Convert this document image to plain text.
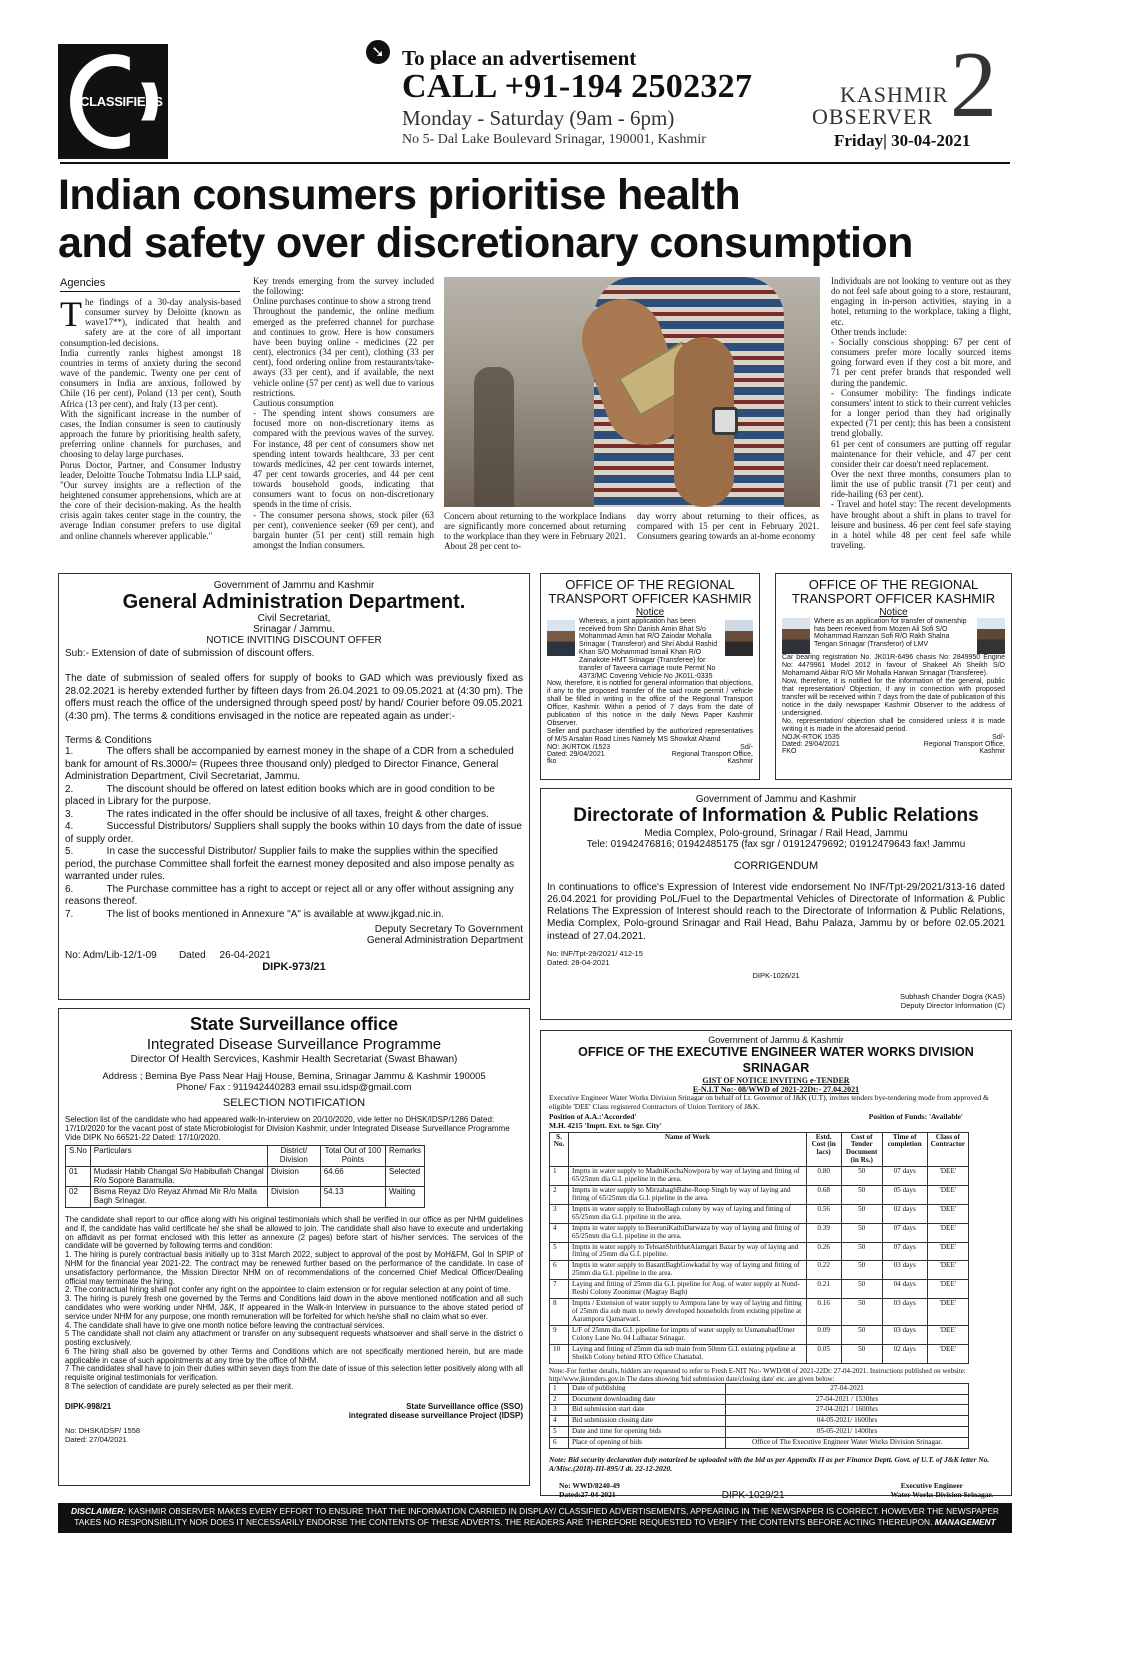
CLASSIFIEDS
➘ To place an advertisement
CALL +91-194 2502327
Monday - Saturday (9am - 6pm)
No 5- Dal Lake Boulevard Srinagar, 190001, Kashmir
KASHMIR
OBSERVER 2
Friday| 30-04-2021
Indian consumers prioritise health
and safety over discretionary consumption
Agencies
T he findings of a 30-day analysis-based consumer survey by Deloitte (known as wave17**), indicated that health and safety are at the core of all important consumption-led decisions.

India currently ranks highest amongst 18 countries in terms of anxiety during the second wave of the pandemic. Twenty one per cent of consumers in India are anxious, followed by Chile (16 per cent), Poland (13 per cent), South Africa (13 per cent), and Italy (13 per cent).
With the significant increase in the number of cases, the Indian consumer is seen to cautiously approach the future by prioritising health safety, preferring online channels for purchases, and choosing to delay large purchases.
Porus Doctor, Partner, and Consumer Industry leader, Deloitte Touche Tohmatsu India LLP said, "Our survey insights are a reflection of the heightened consumer apprehensions, which are at the core of their decision-making. As the health crisis again takes center stage in the country, the average Indian consumer prefers to use digital and online channels wherever applicable."

Key trends emerging from the survey included the following:
Online purchases continue to show a strong trend
Throughout the pandemic, the online medium emerged as the preferred channel for purchase and continues to grow. Here is how consumers have been buying online - medicines (22 per cent), electronics (34 per cent), clothing (33 per cent), food ordering online from restaurants/take-aways (33 per cent), and if available, the next vehicle online (57 per cent) as well due to various restrictions.
Cautious consumption
- The spending intent shows consumers are focused more on non-discretionary items as compared with the previous waves of the survey. For instance, 48 per cent of consumers show net spending intent towards healthcare, 33 per cent towards medicines, 42 per cent towards internet, 47 per cent towards groceries, and 44 per cent towards household goods, indicating that consumers want to focus on non-discretionary spends in the time of crisis.
- The consumer persona shows, stock piler (63 per cent), convenience seeker (69 per cent), and bargain hunter (51 per cent) still remain high amongst the Indian consumers.
Concern about returning to the workplace Indians are significantly more concerned about returning to the workplace than they were in February 2021. About 28 per cent to-
day worry about returning to their offices, as compared with 15 per cent in February 2021. Consumers gearing towards an at-home economy
Individuals are not looking to venture out as they do not feel safe about going to a store, restaurant, engaging in in-person activities, staying in a hotel, returning to the workplace, taking a flight, etc.
Other trends include:
- Socially conscious shopping: 67 per cent of consumers prefer more locally sourced items going forward even if they cost a bit more, and 71 per cent prefer brands that responded well during the pandemic.
- Consumer mobility: The findings indicate consumers' intent to stick to their current vehicles for a longer period than they had originally expected (71 per cent); this has been a consistent trend globally.
61 per cent of consumers are putting off regular maintenance for their vehicle, and 47 per cent consider their car doesn't need replacement.
Over the next three months, consumers plan to limit the use of public transit (71 per cent) and ride-hailing (63 per cent).
- Travel and hotel stay: The recent developments have brought about a shift in plans to travel for leisure and business. 46 per cent feel safe staying in a hotel while 48 per cent feel safe while traveling.
Government of Jammu and Kashmir
General Administration Department.
Civil Secretariat,
Srinagar / Jammu.
NOTICE INVITING DISCOUNT OFFER
Sub:- Extension of date of submission of discount offers.
The date of submission of sealed offers for supply of books to GAD which was previously fixed as 28.02.2021 is hereby extended further by fifteen days from 26.04.2021 to 09.05.2021 at (4:30 pm). The offers must reach the office of the undersigned through speed post/ by hand/ Courier before 09.05.2021 (4:30 pm). The terms & conditions envisaged in the notice are repeated again as under:-
Terms & Conditions
1.            The offers shall be accompanied by earnest money in the shape of a CDR from a scheduled bank for amount of Rs.3000/= (Rupees three thousand only) pledged to Director Finance, General Administration Department, Civil Secretariat, Jammu.
2.            The discount should be offered on latest edition books which are in good condition to be placed in Library for the purpose.
3.            The rates indicated in the offer should be inclusive of all taxes, freight & other charges.
4.            Successful Distributors/ Suppliers shall supply the books within 10 days from the date of issue of supply order.
5.            In case the successful Distributor/ Supplier fails to make the supplies within the specified period, the purchase Committee shall forfeit the earnest money deposited and also impose penalty as warranted under rules.
6.            The Purchase committee has a right to accept or reject all or any offer without assigning any reasons thereof.
7.            The list of books mentioned in Annexure "A" is available at www.jkgad.nic.in.
Deputy Secretary To Government
General Administration Department
No: Adm/Lib-12/1-09        Dated     26-04-2021
DIPK-973/21
OFFICE OF THE REGIONAL
TRANSPORT OFFICER KASHMIR
Notice
Whereas, a joint application has been received from Shri Danish Amin Bhat S/o Mohammad Amin hat R/O Zaindar Mohalla Srinagar ( Transferor) and Shri Abdul Rashid Khan S/O Mohammad Ismail Khan R/O Zainakote HMT Srinagar (Transferee) for transfer of Taveera carriage route Permit No 4373/MC Covering Vehicle No JK01L-0335
Now, therefore, it is notified for general information that objections, if any to the proposed transfer of the said route permit / vehicle shall be filled in writing in the office of the Regional Transport Officer, Kashmir. Within a period of 7 days from the date of publication of this notice in the daily News Paper Kashmir Observer.
Seller and purchaser identified by the authorized representatives of M/S Arsalan Road Lines Namely MS Showkat Ahamd
NO: JK/RTOK /1523	Sd/-
Dated: 29/04/2021	Regional Transport Office,
fko	Kashmir
OFFICE OF THE REGIONAL
TRANSPORT OFFICER KASHMIR
Notice
Where as an application for transfer of ownership has been received from Mozen Ali Sofi S/O Mohammad Ramzan Sofi R/O Rakh Shalna Tengan Srinagar (Transferor) of LMV
Car bearing registration No. JK01R-6496 chasis No: 2849950 Engine No: 4479961 Model 2012 in favour of Shakeel Ah Sheikh S/O Mohamamd Akbar R/O Mir Mohalla Harwan Srinagar (Transferee).
Now, therefore, it is notified for the information of the general, public that representation/ Objection, if any in connection with proposed transfer will be received within 7 days from the date of publication of this notice in the daily newspaper Kashmir Observer to the address of undersigned.
No, representation/ objection shall be considered unless it is made writing it is made in the aforesaid period.
NOJK-RTOK 1535	Sd/-
Dated: 29/04/2021	Regional Transport Office,
FKO	Kashmir
Government of Jammu and Kashmir
Directorate of Information & Public Relations
Media Complex, Polo-ground, Srinagar / Rail Head, Jammu
Tele: 01942476816; 01942485175 (fax sgr / 01912479692; 01912479643 fax! Jammu
CORRIGENDUM
In continuations to office's Expression of Interest vide endorsement No INF/Tpt-29/2021/313-16 dated 26.04.2021 for providing PoL/Fuel to the Departmental Vehicles of Directorate of Information & Public Relations The Expression of Interest should reach to the Directorate of Information & Public Relations, Media Complex, Polo-ground Srinagar and Rail Head, Bahu Palaza, Jammu by or before 02.05.2021 instead of 27.04.2021.
No: INF/Tpt-29/2021/ 412-15
Dated: 28-04-2021
DIPK-1026/21
Subhash Chander Dogra (KAS)
Deputy Director Information (C)
State Surveillance office
Integrated Disease Surveillance Programme
Director Of Health Sercvices, Kashmir Health Secretariat (Swast Bhawan)
Address ; Bemina Bye Pass Near Hajj House, Bemina, Srinagar Jammu & Kashmir 190005
Phone/ Fax : 911942440283 email ssu.idsp@gmail.com
SELECTION NOTIFICATION
Selection list of the candidate who had appeared walk-In-interview on 20/10/2020, vide letter no DHSK/IDSP/1286 Dated: 17/10/2020 for the vacant post of state Microbiologist for Division Kashmir, under Integrated Disease Surveillance Programme Vide DIPK No 66521-22 Dated: 17/10/2020.
S.No	Particulars	District/ Division	Total Out of 100 Points	Remarks
01	Mudasir Habib Changal S/o Habibullah Changal R/o Sopore Baramulla.	Division	64.66	Selected
02	Bisma Reyaz D/o Reyaz Ahmad Mir R/o Malla Bagh Srinagar.	Division	54.13	Waiting
The candidate shall report to our office along with his original testimonials which shall be verified in our office as per NHM guidelines and if, the candidate has valid certificate he/ she shall be allowed to join. The candidate shall also have to execute and undertaking on affidavit as per format enclosed with this letter as annexure (2 pages) before start of his/her services. The services of the candidate will be governed by following terms and condition:
1. The hiring is purely contractual basis initially up to 31st March 2022, subject to approval of the post by MoH&FM, GoI In SPIP of NHM for the financial year 2021-22. The contract may be renewed further based on the performance of the candidate. In case of unsatisfactory performance, the Mission Director NHM on of recommendations of the concerned Chief Medical Officer/Dealing official may terminate the hiring.
2. The contractual hiring shall not confer any right on the appointee to claim extension or for regular selection at any point of time.
3. The hiring is purely fresh one governed by the Terms and Conditions laid down in the above mentioned notification and all such candidates who were working under NHM, J&K, If appeared in the Walk-in Interview in pursuance to the above stated period of service under NHM for any purpose, one month remuneration will be forfeited for which he/she shall no claim what so ever.
4. The candidate shall have to give one month notice before leaving the contractual services.
5 The candidate shall not claim any attachment or transfer on any subsequent requests whatsoever and shall serve in the district o posting exclusively.
6 The hiring shall also be governed by other Terms and Conditions which are not specifically mentioned herein, but are made applicable in case of such appointments at any time by the office of NHM.
7 The candidates shall have to join their duties within seven days from the date of issue of this selection letter positively along with all requisite original testimonials for verification.
8 The selection of candidate are purely selected as per their merit.
DIPK-998/21	State Surveillance office (SSO)
integrated disease surveillance Project (IDSP)
No: DHSK/IDSP/ 1558
Dated: 27/04/2021
Government of Jammu & Kashmir
OFFICE OF THE EXECUTIVE ENGINEER WATER WORKS DIVISION SRINAGAR
GIST OF NOTICE INVITING e-TENDER
E-N.I.T No:- 08/WWD of 2021-22Dt:- 27.04.2021
Executive Engineer Water Works Division Srinagar on behalf of Lt. Governor of J&K (U.T), invites tenders bye-tendering mode from approved & eligible 'DEE' Class registered Contractors of Union Territory of J&K.
Position of A.A.:'Accorded'	Position of Funds: 'Available'
M.H. 4215 'Imptt. Ext. to Sgr. City'
S. No.	Name of Work	Estd. Cost (in lacs)	Cost of Tender Document (in Rs.)	Time of completion	Class of Contractor
1	Imptts in water supply to MadniKochaNowpora by way of laying and fitting of 65/25mm dia G.I. pipeline in the area.	0.80	50	07 days	'DEE'
2	Imptts in water supply to MirzabaghBahe-Roop Singh by way of laying and fitting of 65/25mm dia G.I. pipeline in the area.	0.68	50	05 days	'DEE'
3	Imptts in water supply to BudooBagh colony by way of laying and fitting of 65/25mm dia G.I. pipeline in the area.	0.56	50	02 days	'DEE'
4	Imptts in water supply to BeeruniKathiDarwaza by way of laying and fitting of 65/25mm dia G.I. pipeline in the area.	0.39	50	07 days	'DEE'
5	Imptts in water supply to TehsanShribhatAlamgari Bazar by way of laying and fitting of 25mm dia G.I. pipeline.	0.26	50	07 days	'DEE'
6	Imptts in water supply to BasantBaghGowkadal by way of laying and fitting of 25mm dia G.I. pipeline in the area.	0.22	50	03 days	'DEE'
7	Laying and fitting of 25mm dia G.I. pipeline for Aug. of water supply at Nund-Reshi Colony Zoonimar (Magray Bagh)	0.21	50	04 days	'DEE'
8	Imptts / Extension of water supply to Armpora lane by way of laying and fitting of 25mm dia sub main to newly developed households from existing pipeline at Aarampora Qamarwari.	0.16	50	03 days	'DEE'
9	L/F of 25mm dia G.I. pipeline for imptts of water supply to UsmanabadUmer Colony Lane No. 04 Lalbazar Srinagar.	0.09	50	03 days	'DEE'
10	Laying and fitting of 25mm dia sub main from 50mm G.I. existing pipeline at Sheikh Colony behind RTO Office Chattabal.	0.05	50	02 days	'DEE'
Note:-For further details, bidders are requested to refer to Fresh E-NIT No:- WWD/08 of 2021-22Dt: 27-04-2021. Instructions published on website: http//www.jktenders.gov.in The dates showing 'bid submission date/closing date' etc. are given below:
1	Date of publishing	27-04-2021
2	Document downloading date	27-04-2021 / 1530hrs
3	Bid submission start date	27-04-2021 / 1600hrs
4	Bid submission closing date	04-05-2021/ 1600hrs
5	Date and time for opening bids	05-05-2021/ 1400hrs
6	Place of opening of bids	Office of The Executive Engineer Water Works Division Srinagar.
Note: Bid security declaration duly notarized be uploaded with the bid as per Appendix II as per Finance Deptt. Govt. of U.T. of J&K letter No. A/Misc.(2018)-III-895/J dt. 22-12-2020.
No: WWD/8240-49	Executive Engineer
Dated:27-04-2021	DIPK-1029/21	Water Works Division Srinagar.
DISCLAIMER: KASHMIR OBSERVER MAKES EVERY EFFORT TO ENSURE THAT THE INFORMATION CARRIED IN DISPLAY/ CLASSIFIED ADVERTISEMENTS, APPEARING IN THE NEWSPAPER IS CORRECT. HOWEVER THE NEWSPAPER TAKES NO RESPONSIBILITY NOR DOES IT NECESSARILY ENDORSE THE CONTENTS OF THESE ADVERTS. THE READERS ARE THEREFORE REQUESTED TO VERIFY THE CONTENTS BEFORE ACTING THEREUPON. MANAGEMENT
